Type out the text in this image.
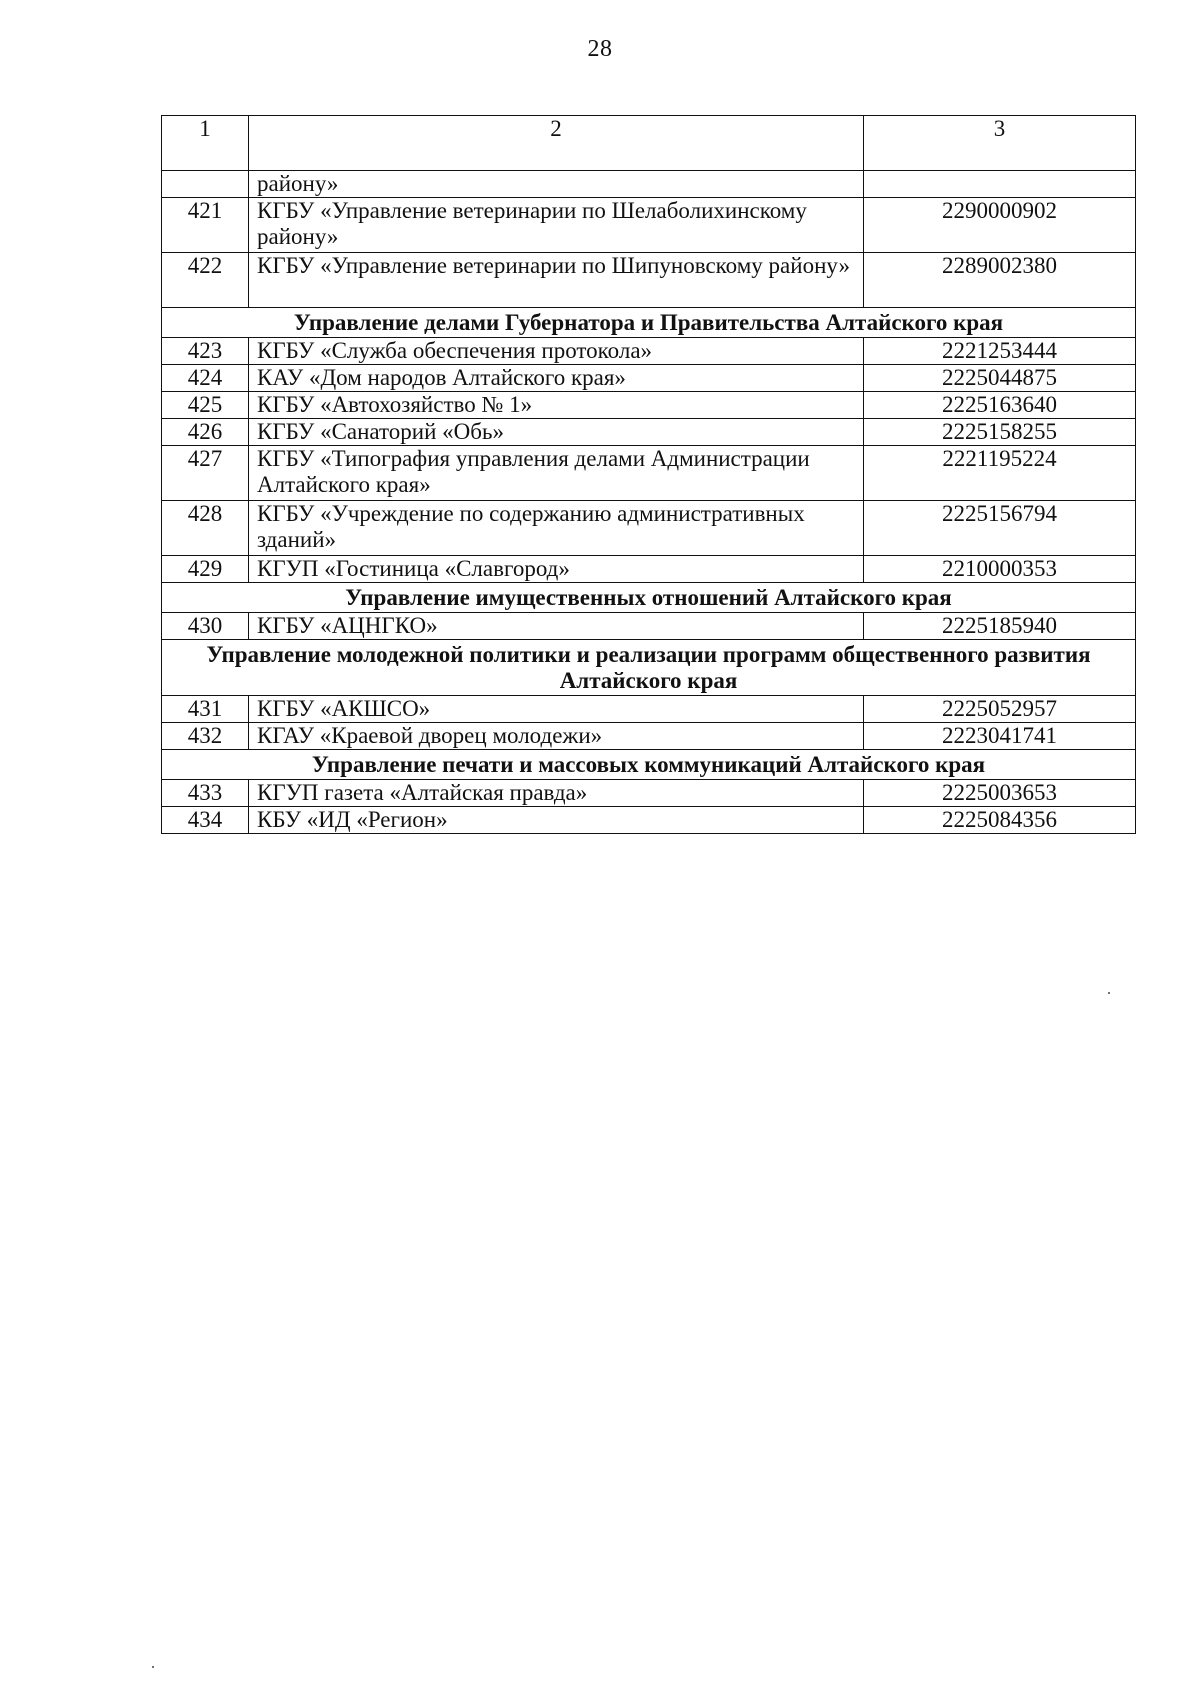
28
1	2	3
	району»	
421	КГБУ «Управление ветеринарии по Шелаболихинскому району»	2290000902
422	КГБУ «Управление ветеринарии по Шипуновскому району»	2289002380
Управление делами Губернатора и Правительства Алтайского края		
423	КГБУ «Служба обеспечения протокола»	2221253444
424	КАУ «Дом народов Алтайского края»	2225044875
425	КГБУ «Автохозяйство № 1»	2225163640
426	КГБУ «Санаторий «Обь»	2225158255
427	КГБУ «Типография управления делами Администрации Алтайского края»	2221195224
428	КГБУ «Учреждение по содержанию административных зданий»	2225156794
429	КГУП «Гостиница «Славгород»	2210000353
Управление имущественных отношений Алтайского края		
430	КГБУ «АЦНГКО»	2225185940
Управление молодежной политики и реализации программ общественного развития Алтайского края		
431	КГБУ «АКШСО»	2225052957
432	КГАУ «Краевой дворец молодежи»	2223041741
Управление печати и массовых коммуникаций Алтайского края		
433	КГУП газета «Алтайская правда»	2225003653
434	КБУ «ИД «Регион»	2225084356
